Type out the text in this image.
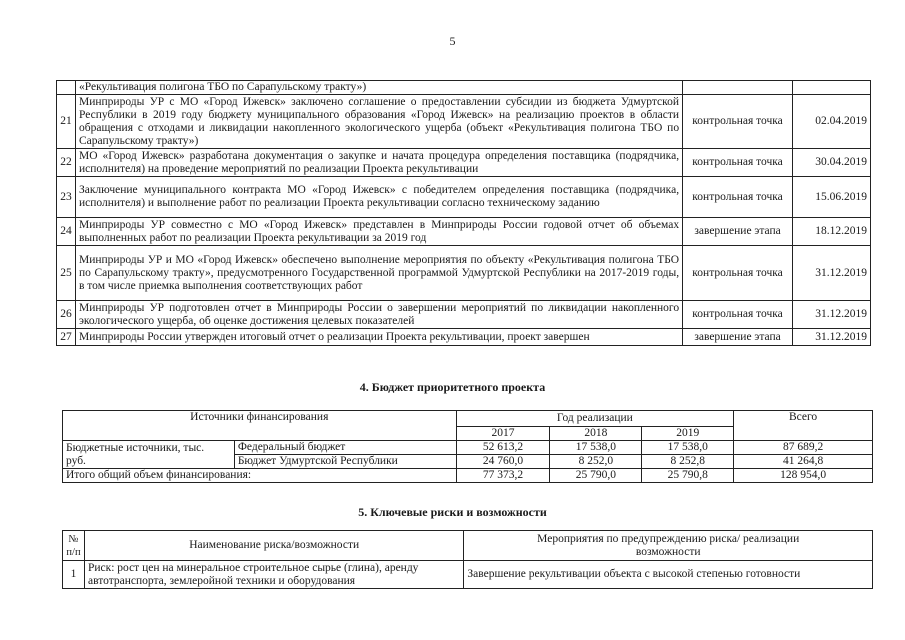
5
	«Рекультивация полигона ТБО по Сарапульскому тракту»)		
21	Минприроды УР с МО «Город Ижевск» заключено соглашение о предоставлении субсидии из бюджета Удмуртской Республики в 2019 году бюджету муниципального образования «Город Ижевск» на реализацию проектов в области обращения с отходами и ликвидации накопленного экологического ущерба (объект «Рекультивация полигона ТБО по Сарапульскому тракту»)	контрольная точка	02.04.2019
22	МО «Город Ижевск» разработана документация о закупке и начата процедура определения поставщика (подрядчика, исполнителя) на проведение мероприятий по реализации Проекта рекультивации	контрольная точка	30.04.2019
23	Заключение муниципального контракта МО «Город Ижевск» с победителем определения поставщика (подрядчика, исполнителя) и выполнение работ по реализации Проекта рекультивации согласно техническому заданию	контрольная точка	15.06.2019
24	Минприроды УР совместно с МО «Город Ижевск» представлен в Минприроды России годовой отчет об объемах выполненных работ по реализации Проекта рекультивации за 2019 год	завершение этапа	18.12.2019
25	Минприроды УР и МО «Город Ижевск» обеспечено выполнение мероприятия по объекту «Рекультивация полигона ТБО по Сарапульскому тракту», предусмотренного Государственной программой Удмуртской Республики на 2017-2019 годы, в том числе приемка выполнения соответствующих работ	контрольная точка	31.12.2019
26	Минприроды УР подготовлен отчет в Минприроды России о завершении мероприятий по ликвидации накопленного экологического ущерба, об оценке достижения целевых показателей	контрольная точка	31.12.2019
27	Минприроды России утвержден итоговый отчет о реализации Проекта рекультивации, проект завершен	завершение этапа	31.12.2019
4. Бюджет приоритетного проекта
Источники финансирования		Год реализации			Всего
		2017	2018	2019	
Бюджетные источники, тыс. руб.	Федеральный бюджет	52 613,2	17 538,0	17 538,0	87 689,2
	Бюджет Удмуртской Республики	24 760,0	8 252,0	8 252,8	41 264,8
Итого общий объем финансирования:		77 373,2	25 790,0	25 790,8	128 954,0
5. Ключевые риски и возможности
№ п/п	Наименование риска/возможности	Мероприятия по предупреждению риска/ реализации возможности
1	Риск: рост цен на минеральное строительное сырье (глина), аренду автотранспорта, землеройной техники и оборудования	Завершение рекультивации объекта с высокой степенью готовности
